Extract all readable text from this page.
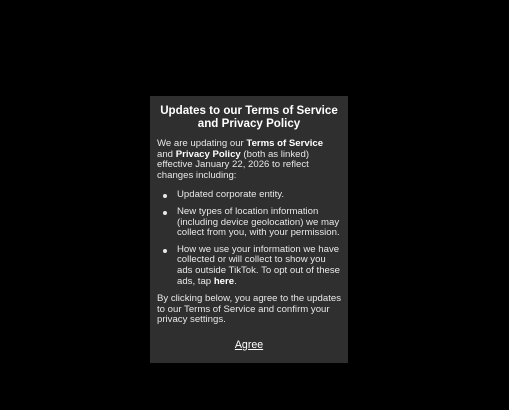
Updates to our Terms of Service and Privacy Policy
We are updating our Terms of Service and Privacy Policy (both as linked) effective January 22, 2026 to reflect changes including:
Updated corporate entity.
New types of location information (including device geolocation) we may collect from you, with your permission.
How we use your information we have collected or will collect to show you ads outside TikTok. To opt out of these ads, tap here.
By clicking below, you agree to the updates to our Terms of Service and confirm your privacy settings.
Agree
